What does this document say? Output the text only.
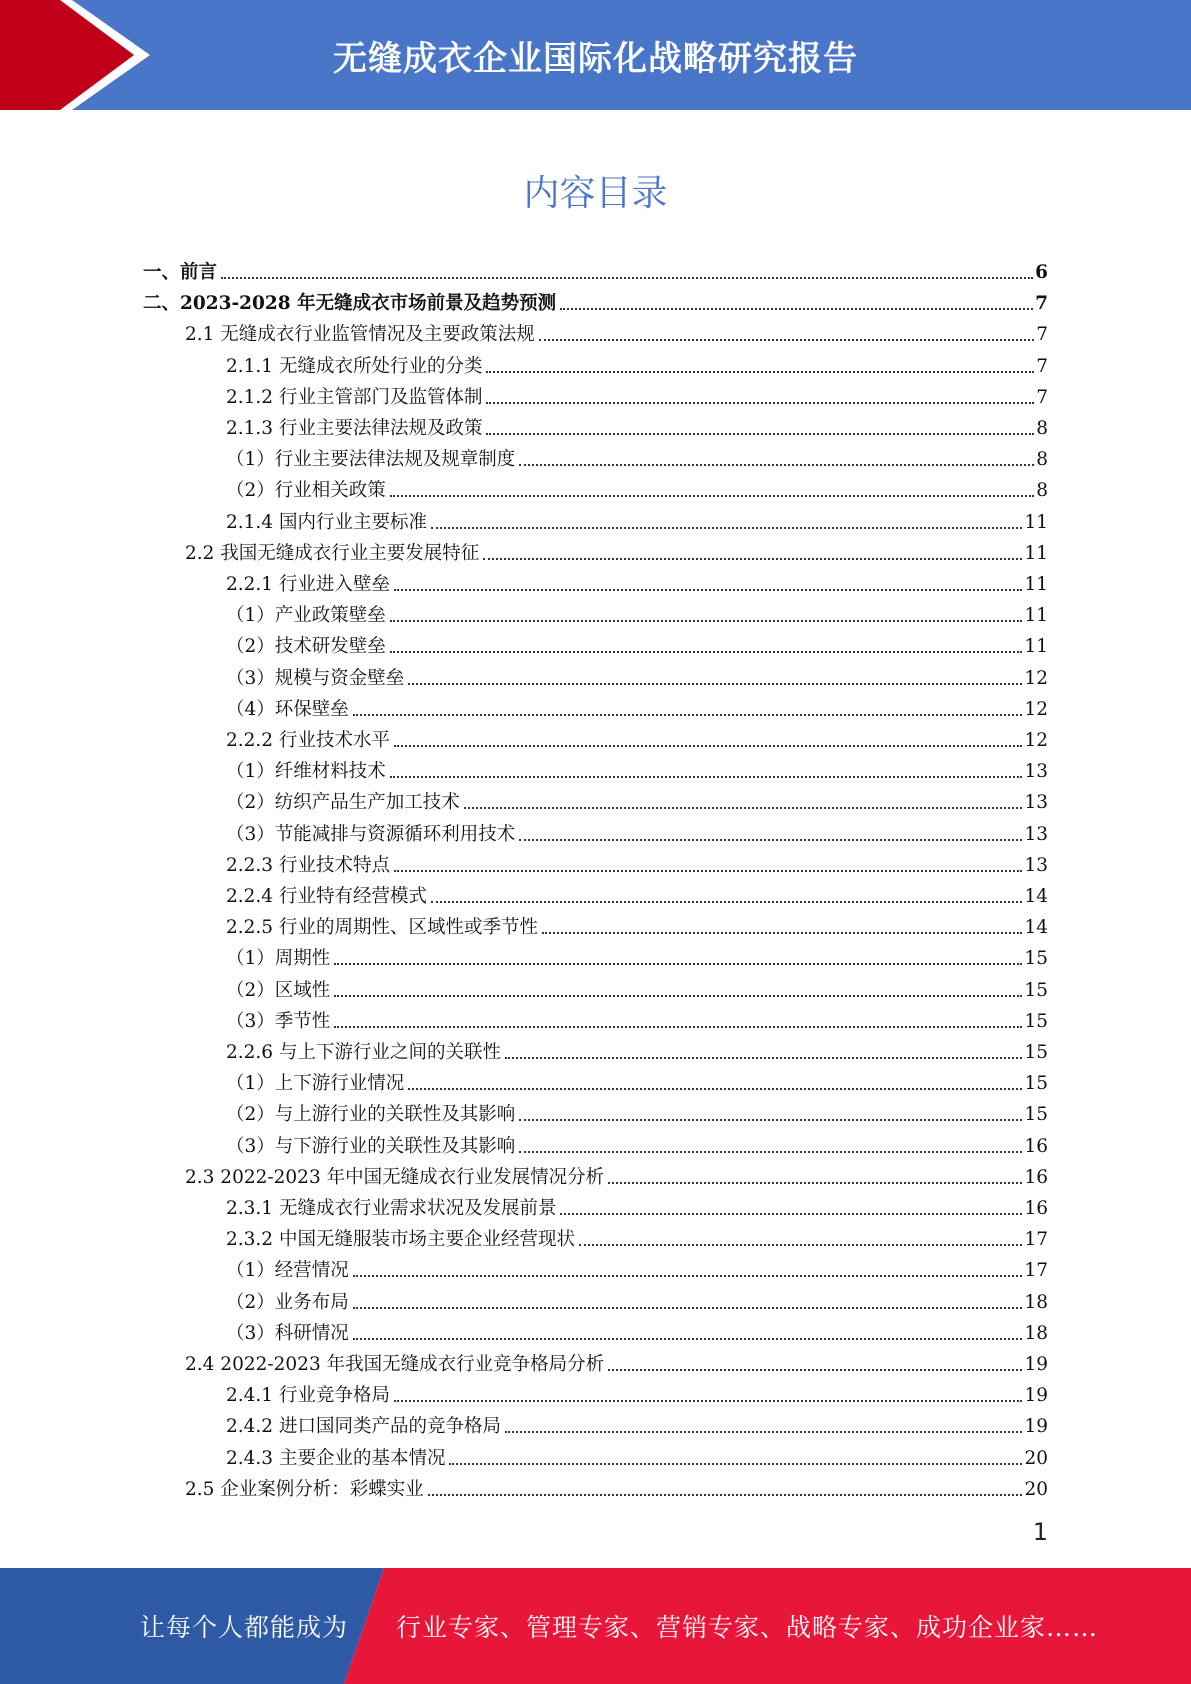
无缝成衣企业国际化战略研究报告
内容目录
一、前言	6
二、2023-2028 年无缝成衣市场前景及趋势预测	7
2.1 无缝成衣行业监管情况及主要政策法规	7
2.1.1 无缝成衣所处行业的分类	7
2.1.2 行业主管部门及监管体制	7
2.1.3 行业主要法律法规及政策	8
（1）行业主要法律法规及规章制度	8
（2）行业相关政策	8
2.1.4 国内行业主要标准	11
2.2 我国无缝成衣行业主要发展特征	11
2.2.1 行业进入壁垒	11
（1）产业政策壁垒	11
（2）技术研发壁垒	11
（3）规模与资金壁垒	12
（4）环保壁垒	12
2.2.2 行业技术水平	12
（1）纤维材料技术	13
（2）纺织产品生产加工技术	13
（3）节能减排与资源循环利用技术	13
2.2.3 行业技术特点	13
2.2.4 行业特有经营模式	14
2.2.5 行业的周期性、区域性或季节性	14
（1）周期性	15
（2）区域性	15
（3）季节性	15
2.2.6 与上下游行业之间的关联性	15
（1）上下游行业情况	15
（2）与上游行业的关联性及其影响	15
（3）与下游行业的关联性及其影响	16
2.3 2022-2023 年中国无缝成衣行业发展情况分析	16
2.3.1 无缝成衣行业需求状况及发展前景	16
2.3.2 中国无缝服装市场主要企业经营现状	17
（1）经营情况	17
（2）业务布局	18
（3）科研情况	18
2.4 2022-2023 年我国无缝成衣行业竞争格局分析	19
2.4.1 行业竞争格局	19
2.4.2 进口国同类产品的竞争格局	19
2.4.3 主要企业的基本情况	20
2.5 企业案例分析：彩蝶实业	20
1
让每个人都能成为 行业专家、管理专家、营销专家、战略专家、成功企业家……
